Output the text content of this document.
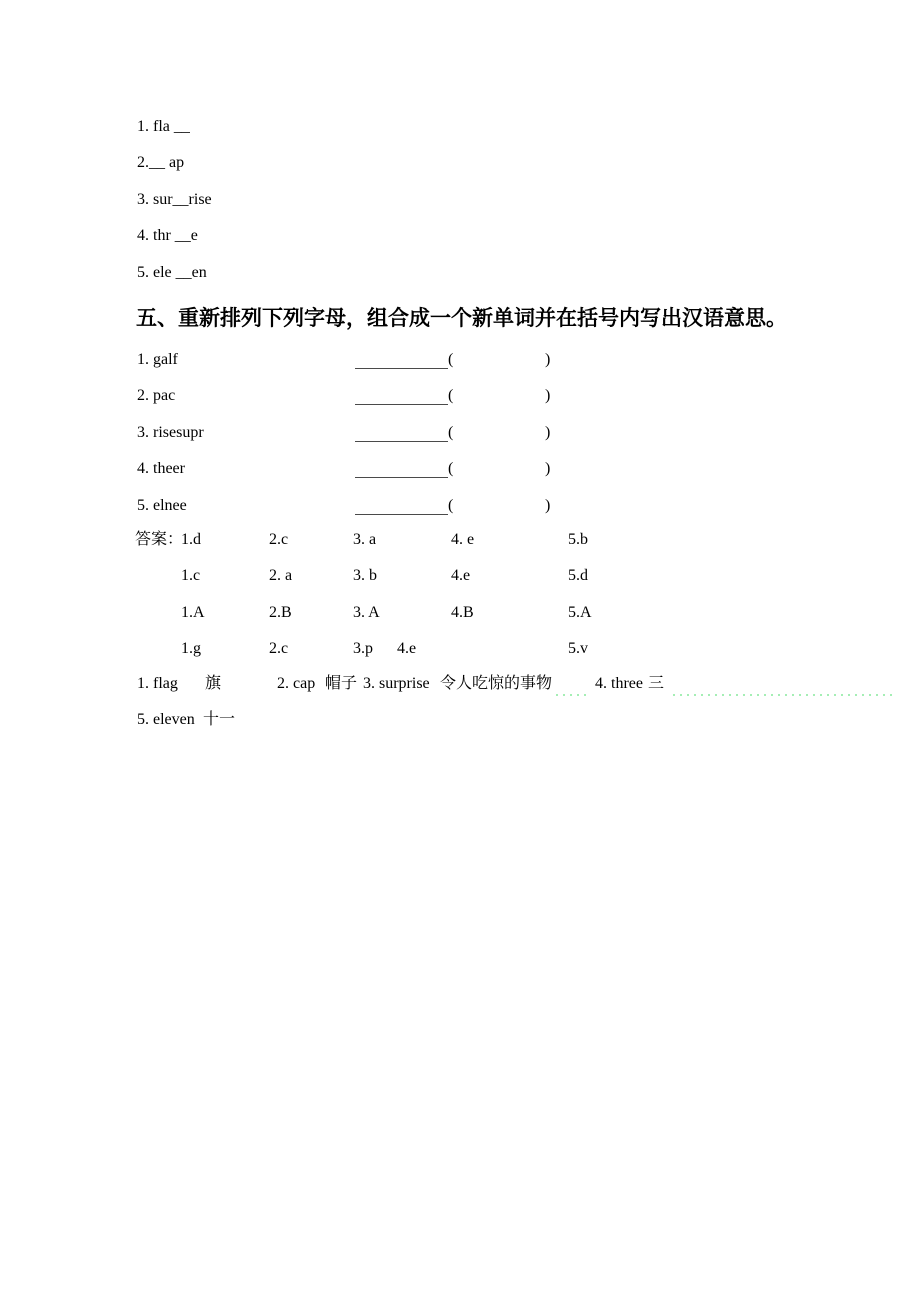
1. fla __
2.__ ap
3. sur__rise
4. thr __e
5. ele __en
五、重新排列下列字母，组合成一个新单词并在括号内写出汉语意思。
1. galf	(	)
2. pac	(	)
3. risesupr	(	)
4. theer	(	)
5. elnee	(	)
答案：
1.d	2.c	3. a	4. e	5.b
1.c	2. a	3. b	4.e	5.d
1.A	2.B	3. A	4.B	5.A
1.g	2.c	3.p 4.e	5.v
1. flag 旗	2. cap 帽子 3. surprise 令人吃惊的事物	4. three 三
5. eleven 十一
